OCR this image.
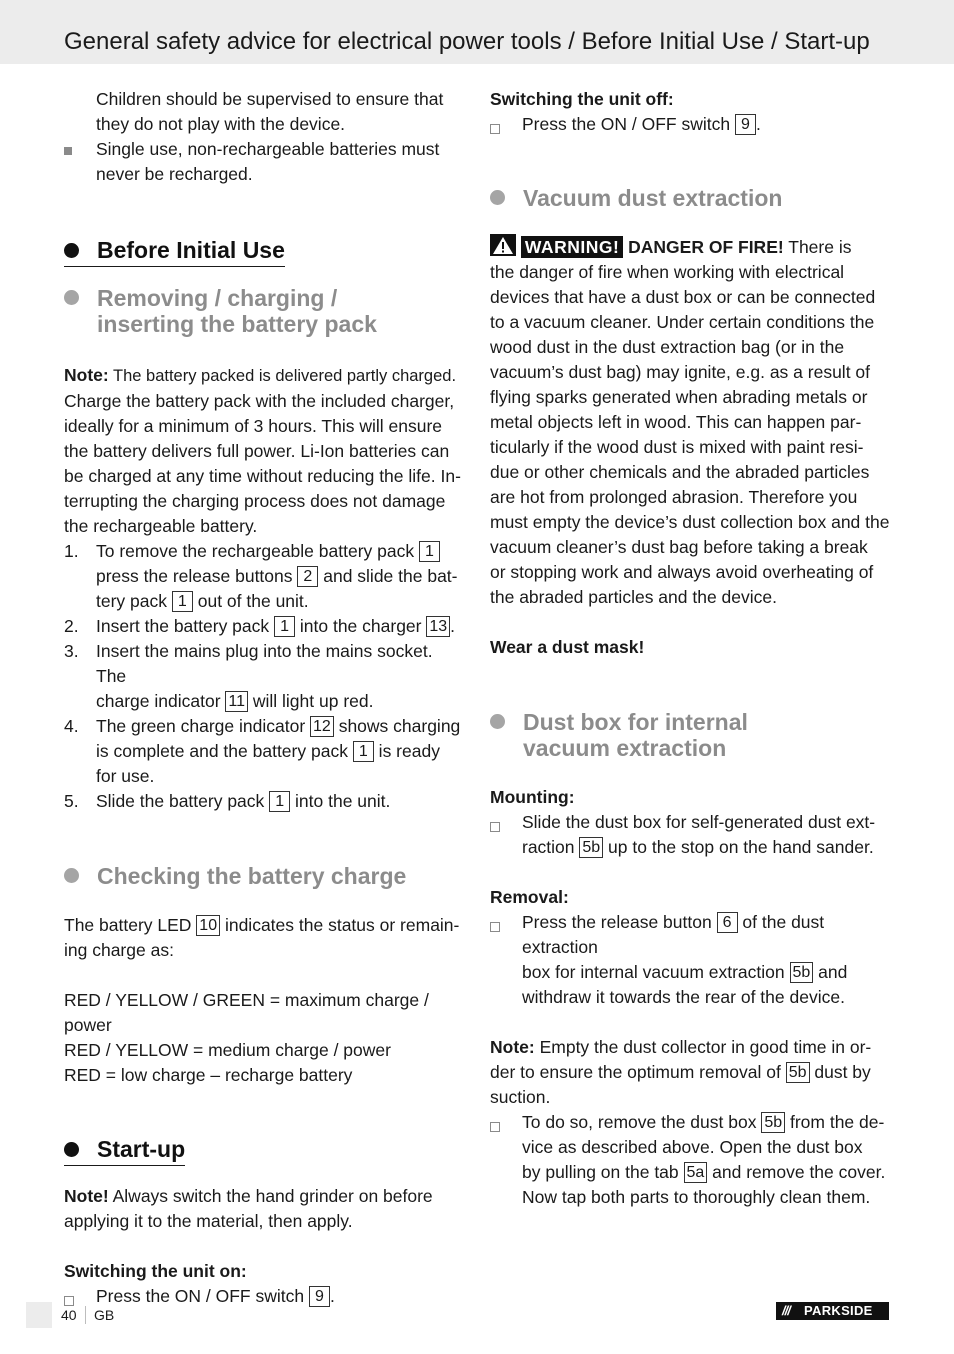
General safety advice for electrical power tools / Before Initial Use / Start-up

Children should be supervised to ensure that

they do not play with the device.

Single use, non-rechargeable batteries must

never be recharged.

Before Initial Use
Removing / charging /
inserting the battery pack

Note: The battery packed is delivered partly charged.

Charge the battery pack with the included charger,

ideally for a minimum of 3 hours. This will ensure

the battery delivers full power. Li-Ion batteries can

be charged at any time without reducing the life. In-

terrupting the charging process does not damage

the rechargeable battery.

1. To remove the rechargeable battery pack 1

press the release buttons 2 and slide the bat-

tery pack 1 out of the unit.

2. Insert the battery pack 1 into the charger 13 .

3. Insert the mains plug into the mains socket. The

charge indicator 11 will light up red.

4. The green charge indicator 12 shows charging

is complete and the battery pack 1 is ready

for use.

5. Slide the battery pack 1 into the unit.

Checking the battery charge

The battery LED 10 indicates the status or remain-

ing charge as:

RED / YELLOW / GREEN = maximum charge / power

RED / YELLOW = medium charge / power

RED = low charge – recharge battery

Start-up

Note! Always switch the hand grinder on before

applying it to the material, then apply.

Switching the unit on:

Press the ON / OFF switch 9 .

Switching the unit off:

Press the ON / OFF switch 9 .

Vacuum dust extraction

WARNING! DANGER OF FIRE! There is

the danger of fire when working with electrical

devices that have a dust box or can be connected

to a vacuum cleaner. Under certain conditions the

wood dust in the dust extraction bag (or in the

vacuum’s dust bag) may ignite, e.g. as a result of

flying sparks generated when abrading metals or

metal objects left in wood. This can happen par-

ticularly if the wood dust is mixed with paint resi-

due or other chemicals and the abraded particles

are hot from prolonged abrasion. Therefore you

must empty the device’s dust collection box and the

vacuum cleaner’s dust bag before taking a break

or stopping work and always avoid overheating of

the abraded particles and the device.

Wear a dust mask!

Dust box for internal
vacuum extraction

Mounting:

Slide the dust box for self-generated dust ext-

raction 5b up to the stop on the hand sander.

Removal:

Press the release button 6 of the dust extraction

box for internal vacuum extraction 5b and

withdraw it towards the rear of the device.

Note: Empty the dust collector in good time in or-

der to ensure the optimum removal of 5b dust by

suction.

To do so, remove the dust box 5b from the de-

vice as described above. Open the dust box

by pulling on the tab 5a and remove the cover.

Now tap both parts to thoroughly clean them.

40 GB	/// PARKSIDE
